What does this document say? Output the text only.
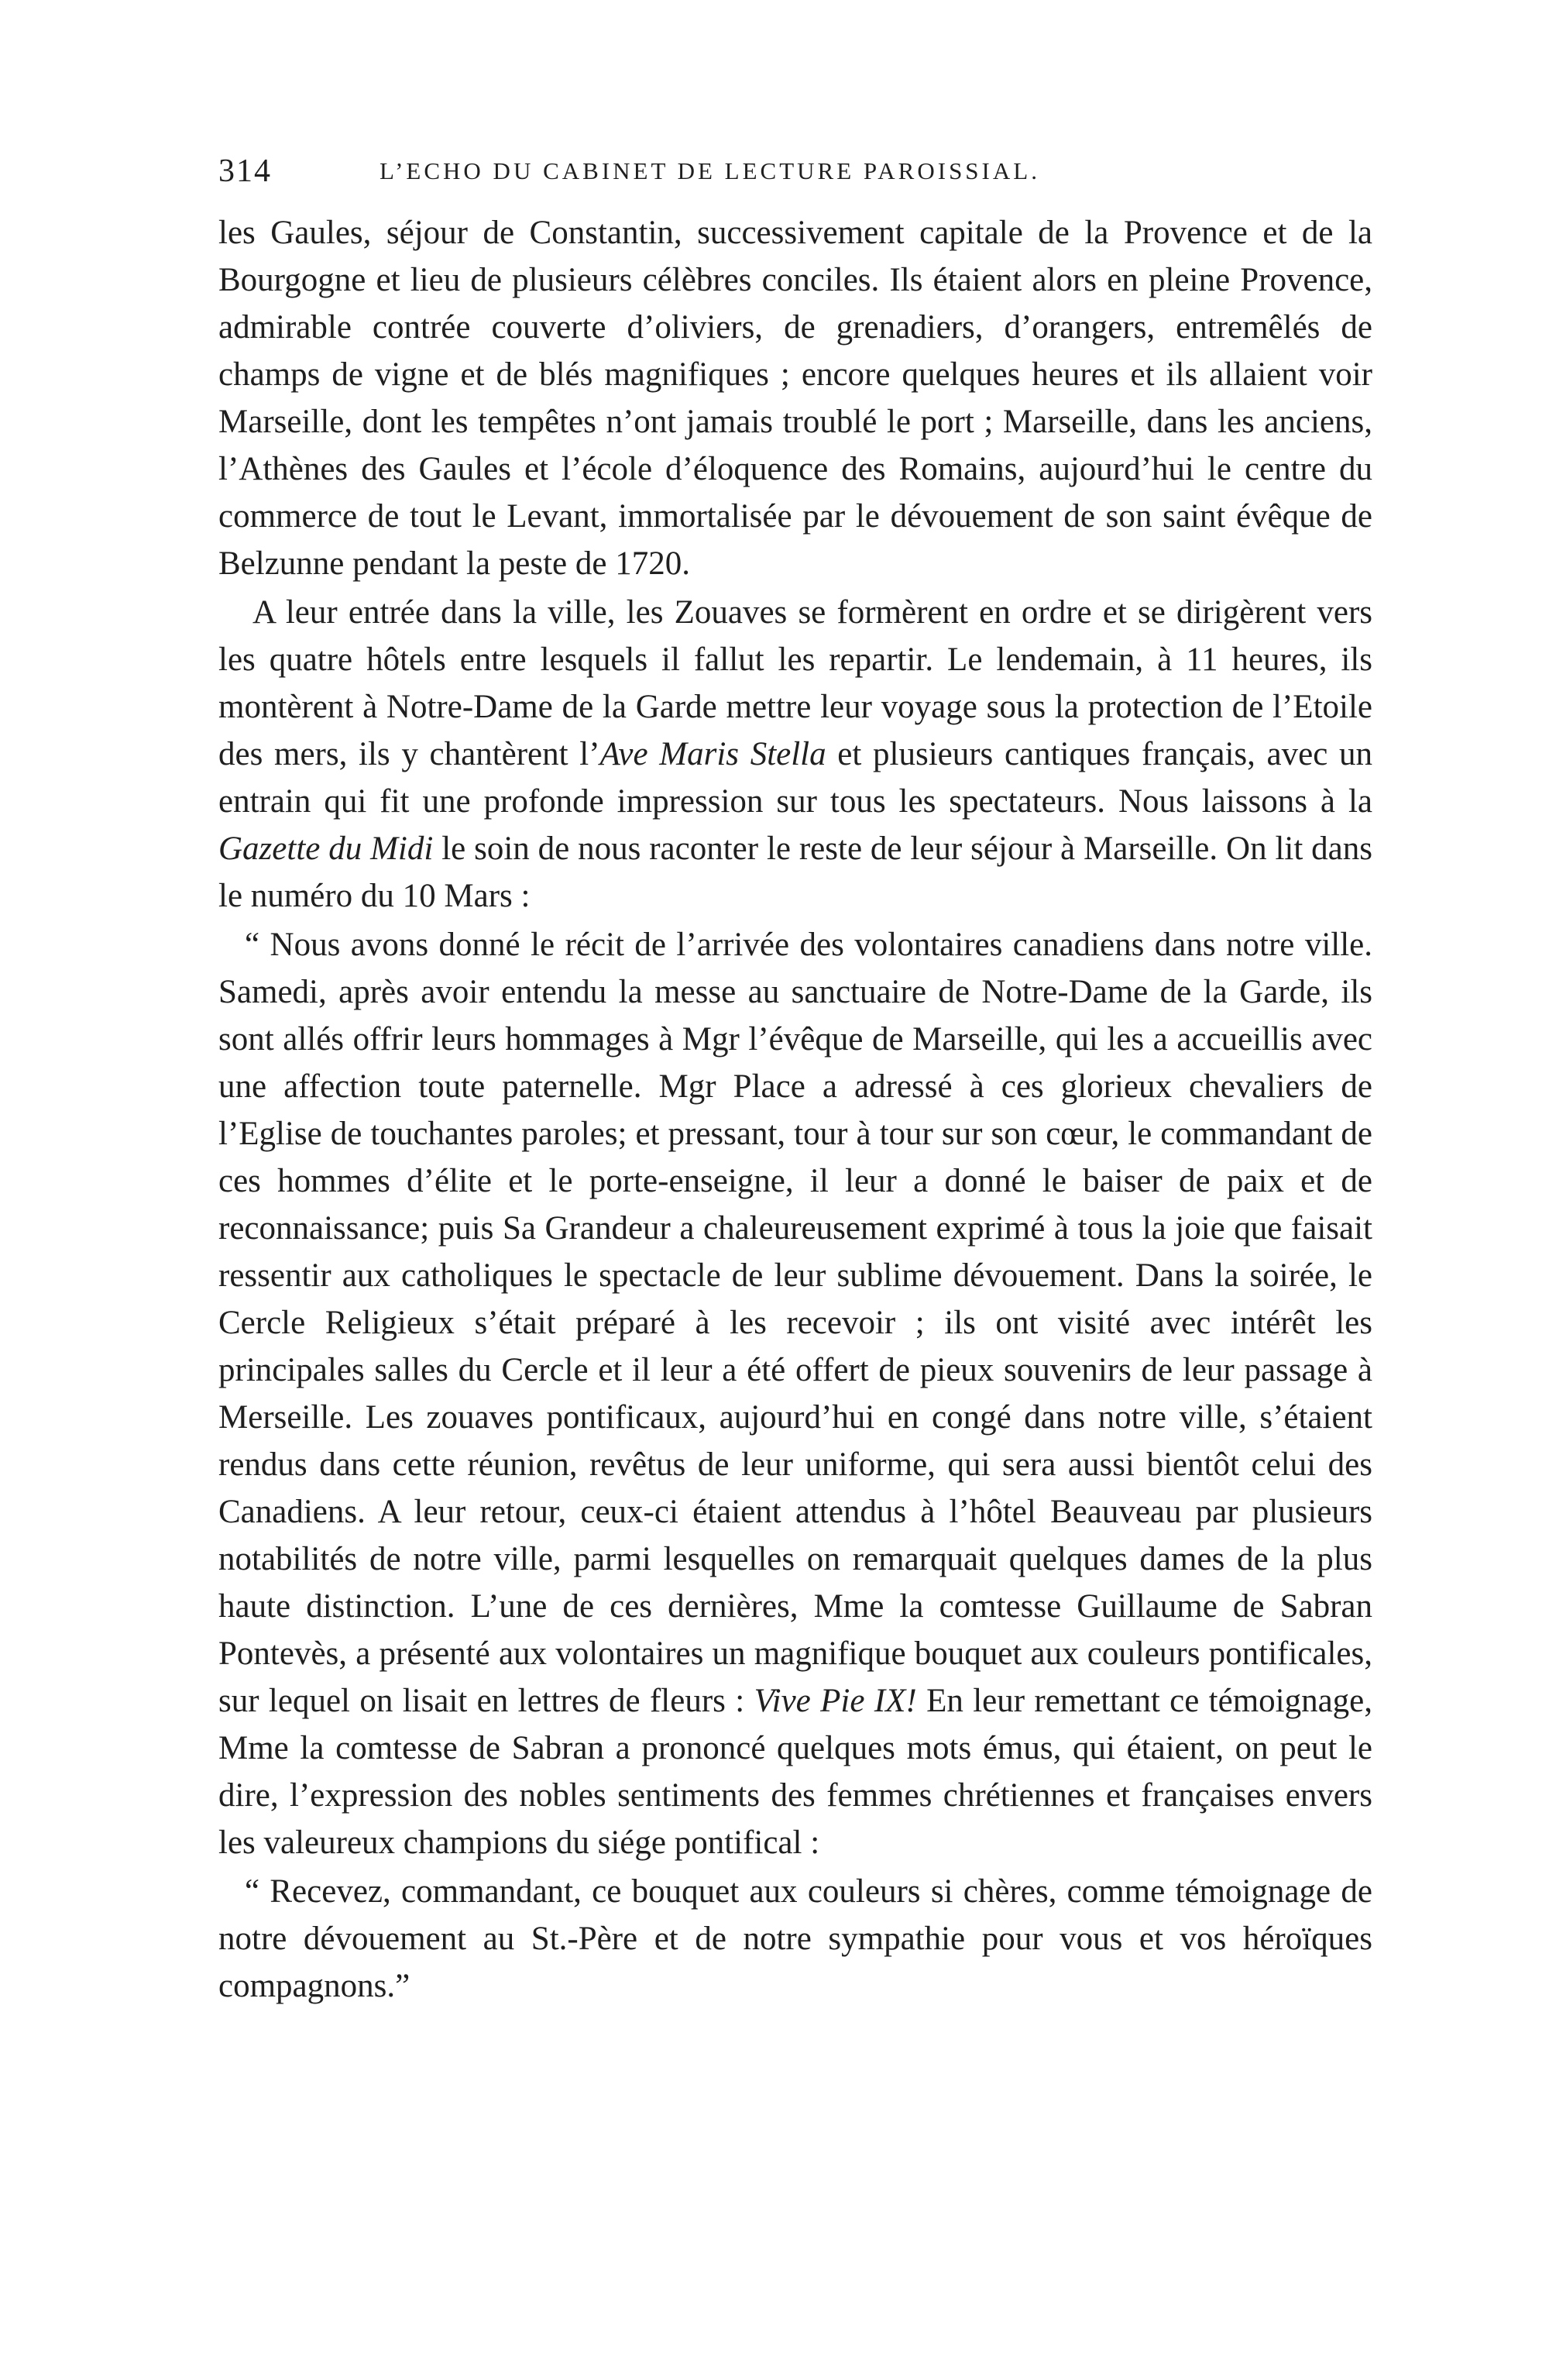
314	L’ECHO DU CABINET DE LECTURE PAROISSIAL.

les Gaules, séjour de Constantin, successivement capitale de la Provence et de la Bourgogne et lieu de plusieurs célèbres conciles. Ils étaient alors en pleine Provence, admirable contrée couverte d’oliviers, de grenadiers, d’orangers, entremêlés de champs de vigne et de blés magnifiques ; encore quelques heures et ils allaient voir Marseille, dont les tempêtes n’ont jamais troublé le port ; Marseille, dans les anciens, l’Athènes des Gaules et l’école d’éloquence des Romains, aujourd’hui le centre du commerce de tout le Levant, immortalisée par le dévouement de son saint évêque de Belzunne pendant la peste de 1720.

A leur entrée dans la ville, les Zouaves se formèrent en ordre et se dirigèrent vers les quatre hôtels entre lesquels il fallut les repartir. Le lendemain, à 11 heures, ils montèrent à Notre-Dame de la Garde mettre leur voyage sous la protection de l’Etoile des mers, ils y chantèrent l’Ave Maris Stella et plusieurs cantiques français, avec un entrain qui fit une profonde impression sur tous les spectateurs. Nous laissons à la Gazette du Midi le soin de nous raconter le reste de leur séjour à Marseille. On lit dans le numéro du 10 Mars :

“ Nous avons donné le récit de l’arrivée des volontaires canadiens dans notre ville. Samedi, après avoir entendu la messe au sanctuaire de Notre-Dame de la Garde, ils sont allés offrir leurs hommages à Mgr l’évêque de Marseille, qui les a accueillis avec une affection toute paternelle. Mgr Place a adressé à ces glorieux chevaliers de l’Eglise de touchantes paroles; et pressant, tour à tour sur son cœur, le commandant de ces hommes d’élite et le porte-enseigne, il leur a donné le baiser de paix et de reconnaissance; puis Sa Grandeur a chaleureusement exprimé à tous la joie que faisait ressentir aux catholiques le spectacle de leur sublime dévouement. Dans la soirée, le Cercle Religieux s’était préparé à les recevoir ; ils ont visité avec intérêt les principales salles du Cercle et il leur a été offert de pieux souvenirs de leur passage à Merseille. Les zouaves pontificaux, aujourd’hui en congé dans notre ville, s’étaient rendus dans cette réunion, revêtus de leur uniforme, qui sera aussi bientôt celui des Canadiens. A leur retour, ceux-ci étaient attendus à l’hôtel Beauveau par plusieurs notabilités de notre ville, parmi lesquelles on remarquait quelques dames de la plus haute distinction. L’une de ces dernières, Mme la comtesse Guillaume de Sabran Pontevès, a présenté aux volontaires un magnifique bouquet aux couleurs pontificales, sur lequel on lisait en lettres de fleurs : Vive Pie IX! En leur remettant ce témoignage, Mme la comtesse de Sabran a prononcé quelques mots émus, qui étaient, on peut le dire, l’expression des nobles sentiments des femmes chrétiennes et françaises envers les valeureux champions du siége pontifical :

“ Recevez, commandant, ce bouquet aux couleurs si chères, comme témoignage de notre dévouement au St.-Père et de notre sympathie pour vous et vos héroïques compagnons.”
